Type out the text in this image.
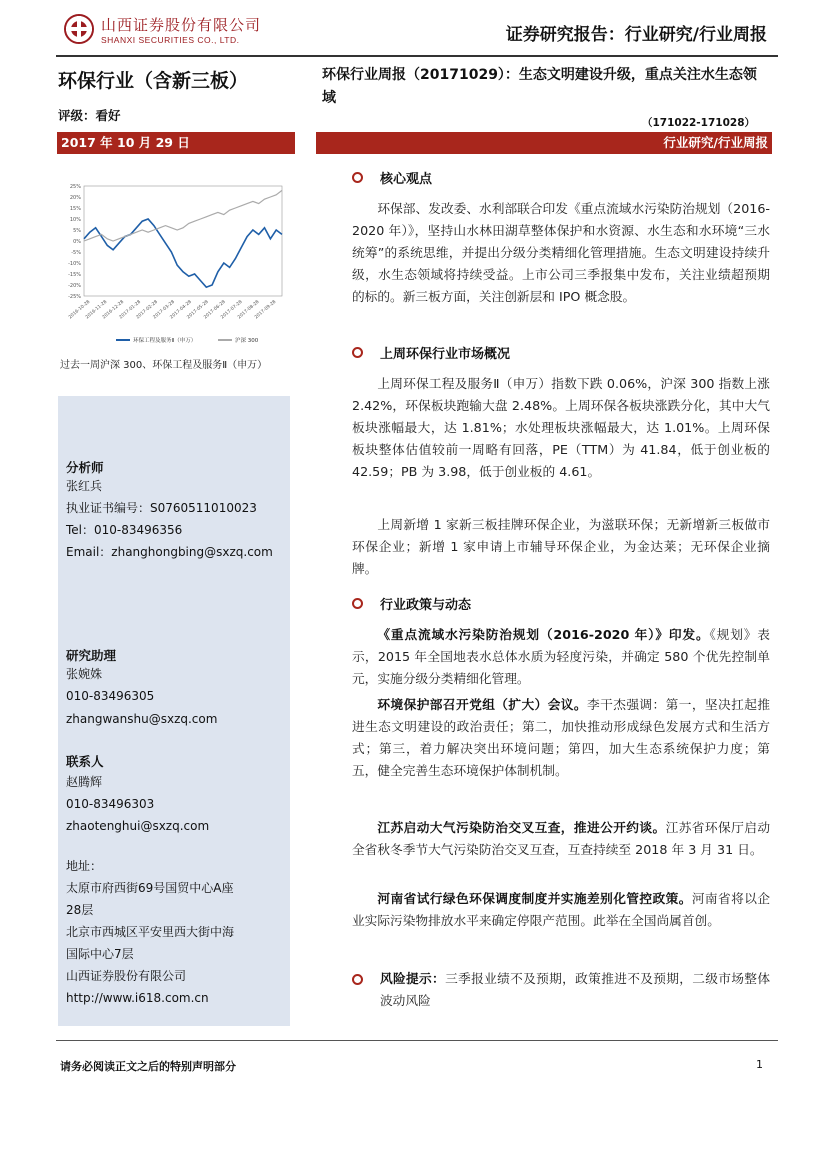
山西证券股份有限公司
SHANXI SECURITIES CO., LTD.	证券研究报告：行业研究/行业周报
环保行业（含新三板）
评级：看好
环保行业周报（20171029）：生态文明建设升级，重点关注水生态领域
（171022-171028）
2017 年 10 月 29 日	行业研究/行业周报
25%
20%
15%
10%
5%
0%
-5%
-10%
-15%
-20%
-25%
2016-10-28
2016-11-28
2016-12-28
2017-01-28
2017-02-28
2017-03-28
2017-04-28
2017-05-28
2017-06-28
2017-07-28
2017-08-28
2017-09-28
环保工程及服务Ⅱ（申万）	沪深 300
过去一周沪深 300、环保工程及服务Ⅱ（申万）
分析师
张红兵
执业证书编号：S0760511010023
Tel：010-83496356
Email：zhanghongbing@sxzq.com
研究助理
张婉姝
010-83496305
zhangwanshu@sxzq.com
联系人
赵腾辉
010-83496303
zhaotenghui@sxzq.com
地址：
太原市府西街69号国贸中心A座
28层
北京市西城区平安里西大街中海
国际中心7层
山西证券股份有限公司
http://www.i618.com.cn
核心观点
环保部、发改委、水利部联合印发《重点流域水污染防治规划（2016-2020 年）》，坚持山水林田湖草整体保护和水资源、水生态和水环境“三水统筹”的系统思维，并提出分级分类精细化管理措施。生态文明建设持续升级，水生态领域将持续受益。上市公司三季报集中发布，关注业绩超预期的标的。新三板方面，关注创新层和 IPO 概念股。
上周环保行业市场概况
上周环保工程及服务Ⅱ（申万）指数下跌 0.06%，沪深 300 指数上涨 2.42%，环保板块跑输大盘 2.48%。上周环保各板块涨跌分化，其中大气板块涨幅最大，达 1.81%；水处理板块涨幅最大，达 1.01%。上周环保板块整体估值较前一周略有回落，PE（TTM）为 41.84，低于创业板的 42.59；PB 为 3.98，低于创业板的 4.61。
上周新增 1 家新三板挂牌环保企业，为滋联环保；无新增新三板做市环保企业；新增 1 家申请上市辅导环保企业，为金达莱；无环保企业摘牌。
行业政策与动态
《重点流域水污染防治规划（2016-2020 年）》印发。《规划》表示，2015 年全国地表水总体水质为轻度污染，并确定 580 个优先控制单元，实施分级分类精细化管理。
环境保护部召开党组（扩大）会议。李干杰强调：第一，坚决扛起推进生态文明建设的政治责任；第二，加快推动形成绿色发展方式和生活方式；第三，着力解决突出环境问题；第四，加大生态系统保护力度；第五，健全完善生态环境保护体制机制。
江苏启动大气污染防治交叉互查，推进公开约谈。江苏省环保厅启动全省秋冬季节大气污染防治交叉互查，互查持续至 2018 年 3 月 31 日。
河南省试行绿色环保调度制度并实施差别化管控政策。河南省将以企业实际污染物排放水平来确定停限产范围。此举在全国尚属首创。
风险提示：三季报业绩不及预期，政策推进不及预期，二级市场整体波动风险
请务必阅读正文之后的特别声明部分	1
